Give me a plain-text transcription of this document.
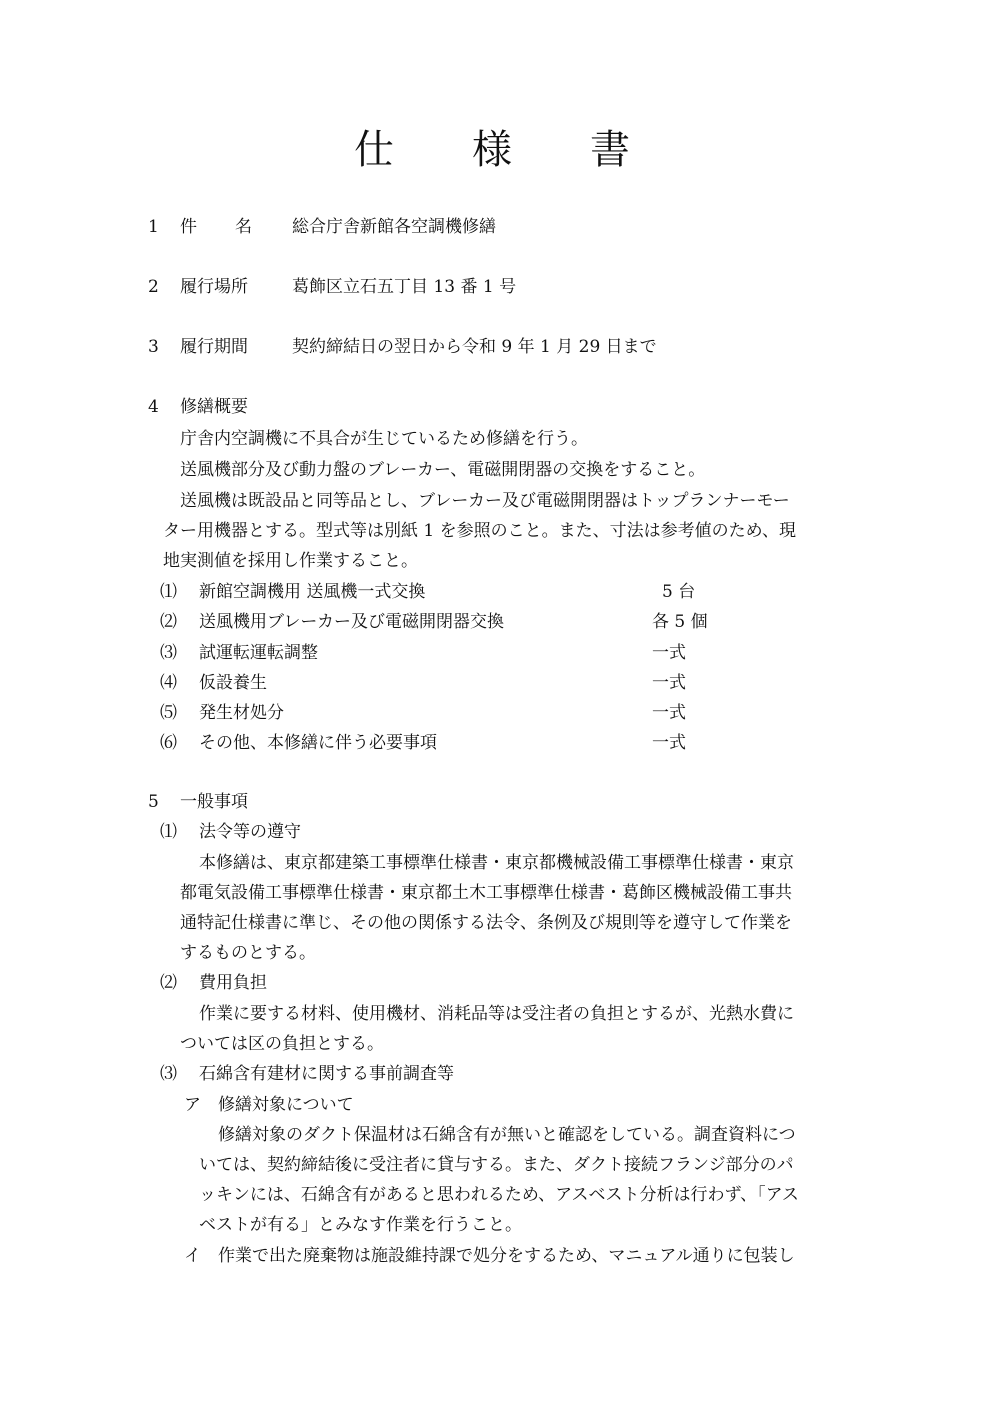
仕様書
1 件名 総合庁舎新館各空調機修繕
2 履行場所	葛飾区立石五丁目 13 番 1 号
3 履行期間	契約締結日の翌日から令和 9 年 1 月 29 日まで
4 修繕概要
庁舎内空調機に不具合が生じているため修繕を行う。
送風機部分及び動力盤のブレーカー、電磁開閉器の交換をすること。
送風機は既設品と同等品とし、ブレーカー及び電磁開閉器はトップランナーモー
ター用機器とする。型式等は別紙 1 を参照のこと。また、寸法は参考値のため、現
地実測値を採用し作業すること。
⑴ 新館空調機用 送風機一式交換	5 台
⑵ 送風機用ブレーカー及び電磁開閉器交換	各 5 個
⑶ 試運転運転調整	一式
⑷ 仮設養生	一式
⑸ 発生材処分	一式
⑹ その他、本修繕に伴う必要事項	一式
5 一般事項
⑴ 法令等の遵守
本修繕は、東京都建築工事標準仕様書・東京都機械設備工事標準仕様書・東京
都電気設備工事標準仕様書・東京都土木工事標準仕様書・葛飾区機械設備工事共
通特記仕様書に準じ、その他の関係する法令、条例及び規則等を遵守して作業を
するものとする。
⑵ 費用負担
作業に要する材料、使用機材、消耗品等は受注者の負担とするが、光熱水費に
ついては区の負担とする。
⑶ 石綿含有建材に関する事前調査等
ア 修繕対象について
修繕対象のダクト保温材は石綿含有が無いと確認をしている。調査資料につ
いては、契約締結後に受注者に貸与する。また、ダクト接続フランジ部分のパ
ッキンには、石綿含有があると思われるため、アスベスト分析は行わず、「アス
ベストが有る」とみなす作業を行うこと。
イ 作業で出た廃棄物は施設維持課で処分をするため、マニュアル通りに包装し
